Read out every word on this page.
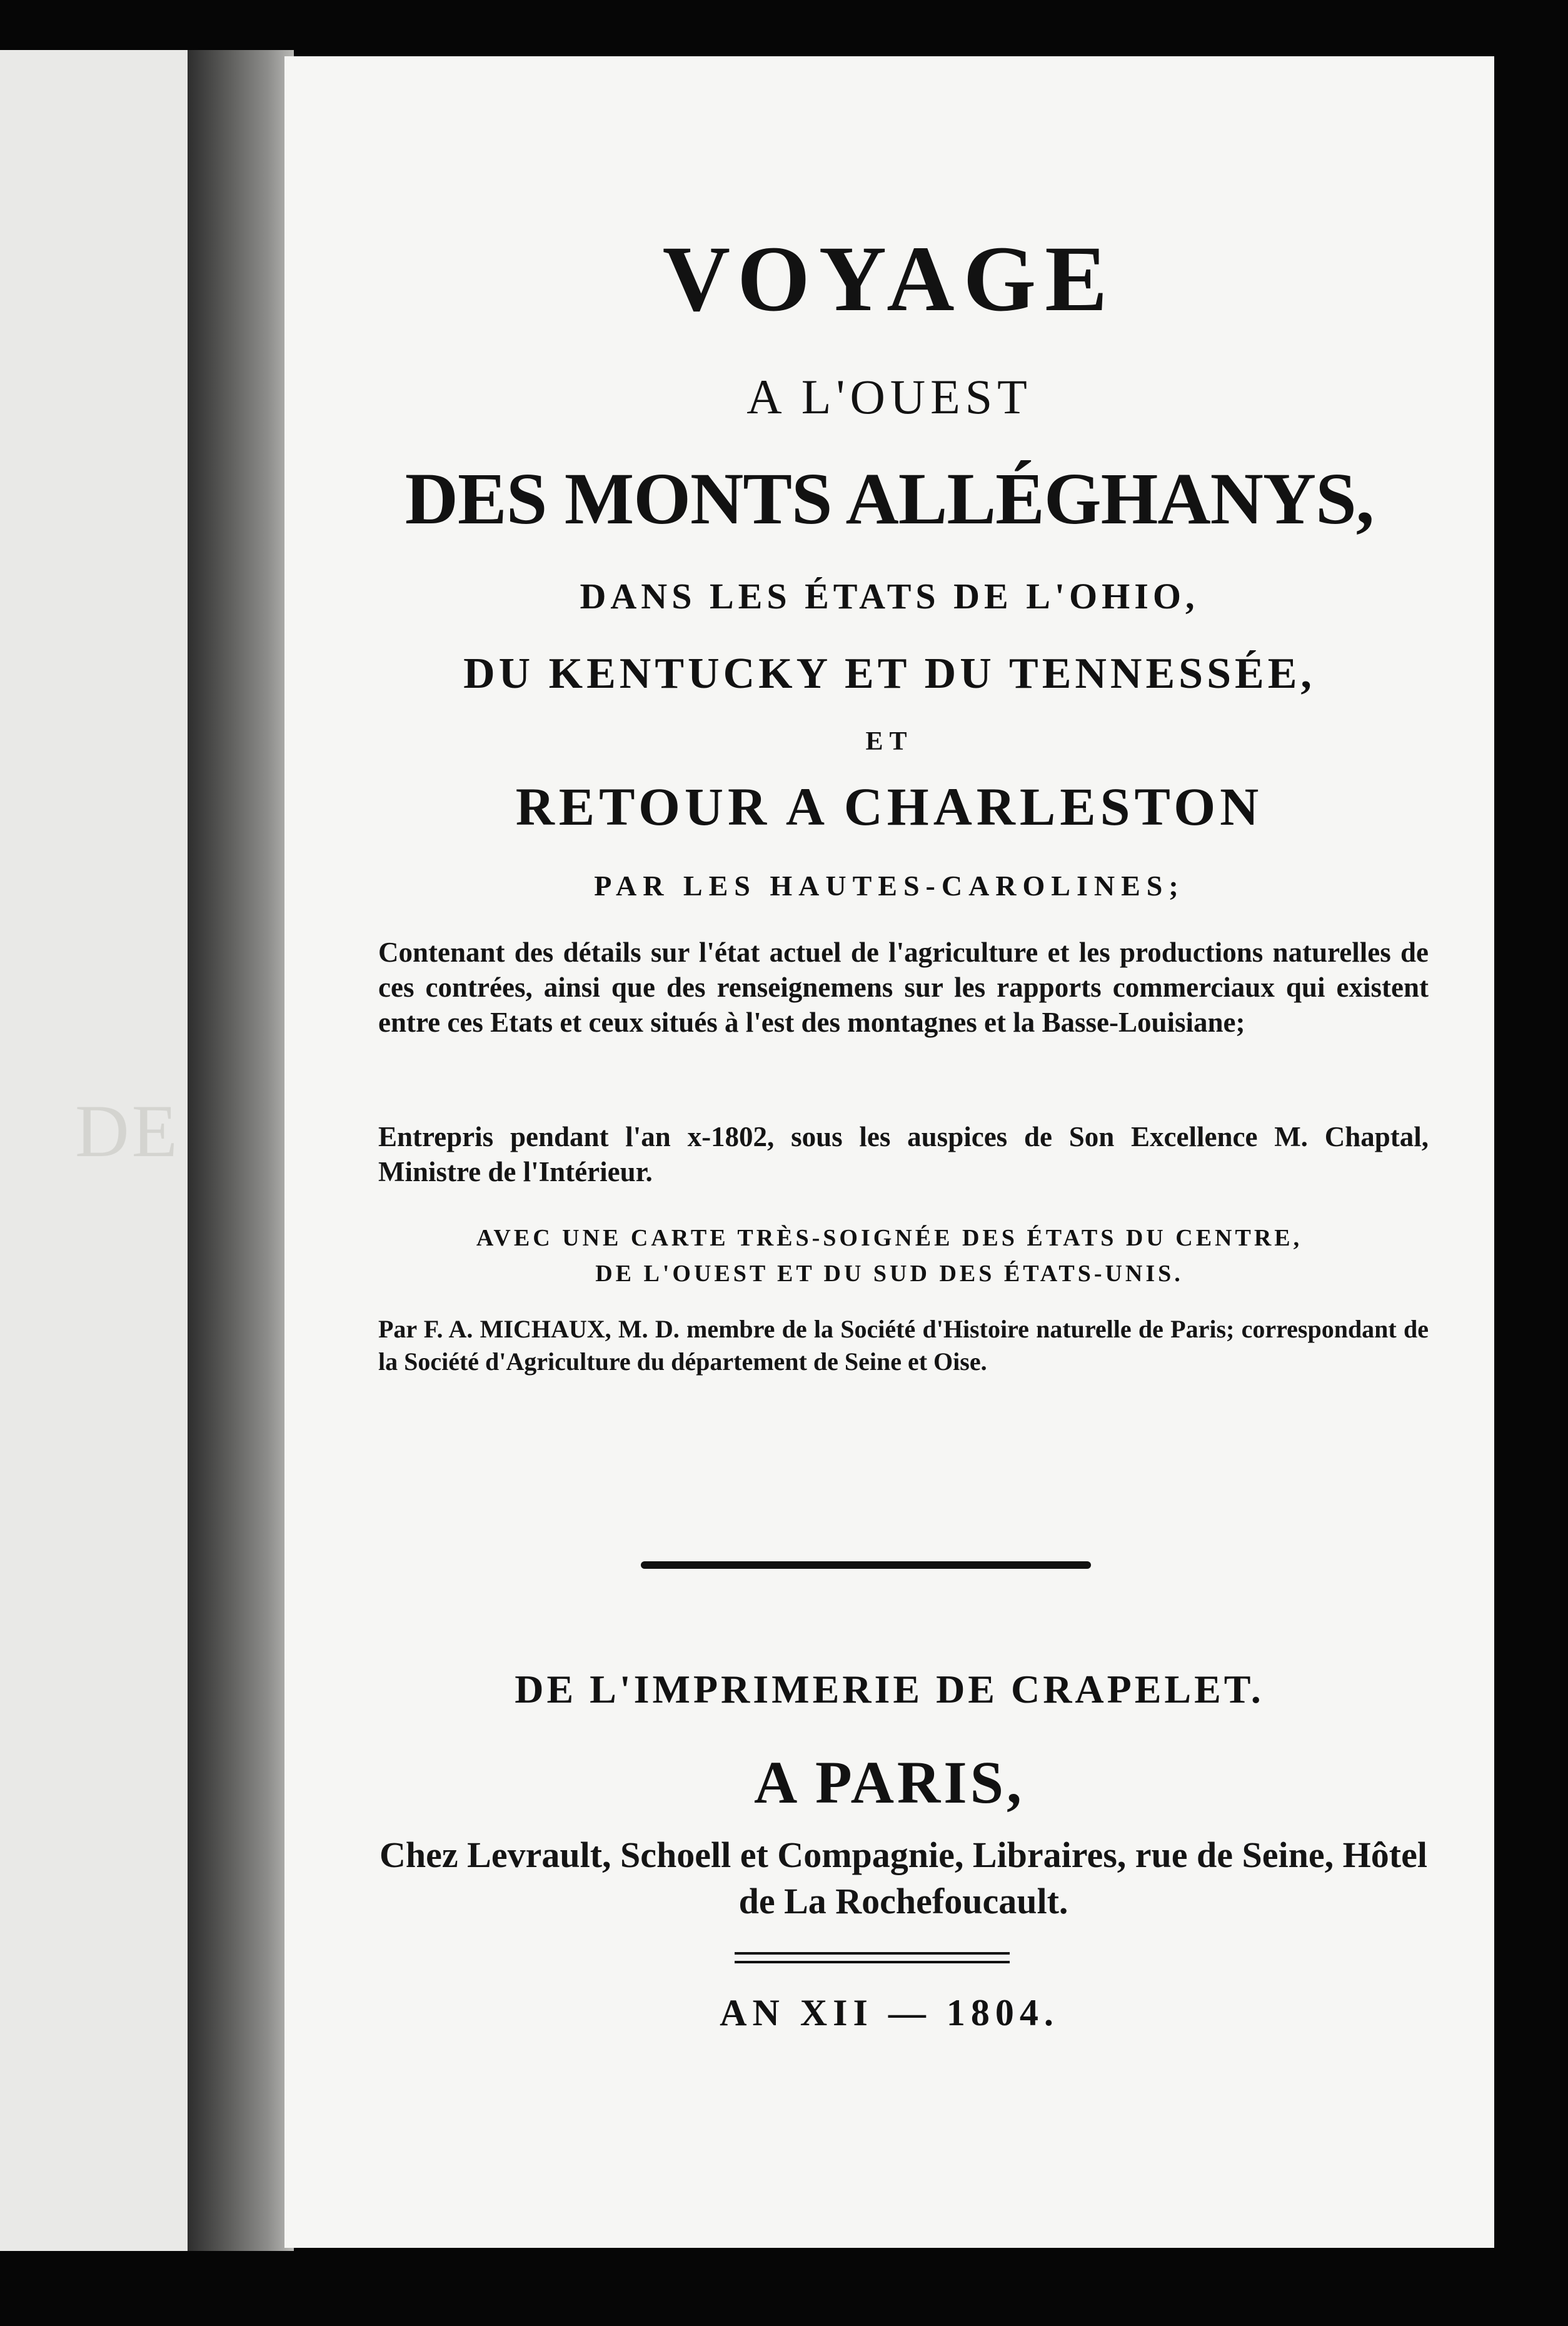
DE
VOYAGE
A L'OUEST
DES MONTS ALLÉGHANYS,
DANS LES ÉTATS DE L'OHIO,
DU KENTUCKY ET DU TENNESSÉE,
ET
RETOUR A CHARLESTON
PAR LES HAUTES-CAROLINES;
Contenant des détails sur l'état actuel de l'agriculture et les productions naturelles de ces contrées, ainsi que des renseignemens sur les rapports commerciaux qui existent entre ces Etats et ceux situés à l'est des montagnes et la Basse-Louisiane;
Entrepris pendant l'an x-1802, sous les auspices de Son Excellence M. Chaptal, Ministre de l'Intérieur.
AVEC UNE CARTE TRÈS-SOIGNÉE DES ÉTATS DU CENTRE,
DE L'OUEST ET DU SUD DES ÉTATS-UNIS.
Par F. A. MICHAUX, M. D. membre de la Société d'Histoire naturelle de Paris; correspondant de la Société d'Agriculture du département de Seine et Oise.
DE L'IMPRIMERIE DE CRAPELET.
A PARIS,
Chez Levrault, Schoell et Compagnie, Libraires, rue de Seine, Hôtel de La Rochefoucault.
AN XII — 1804.
